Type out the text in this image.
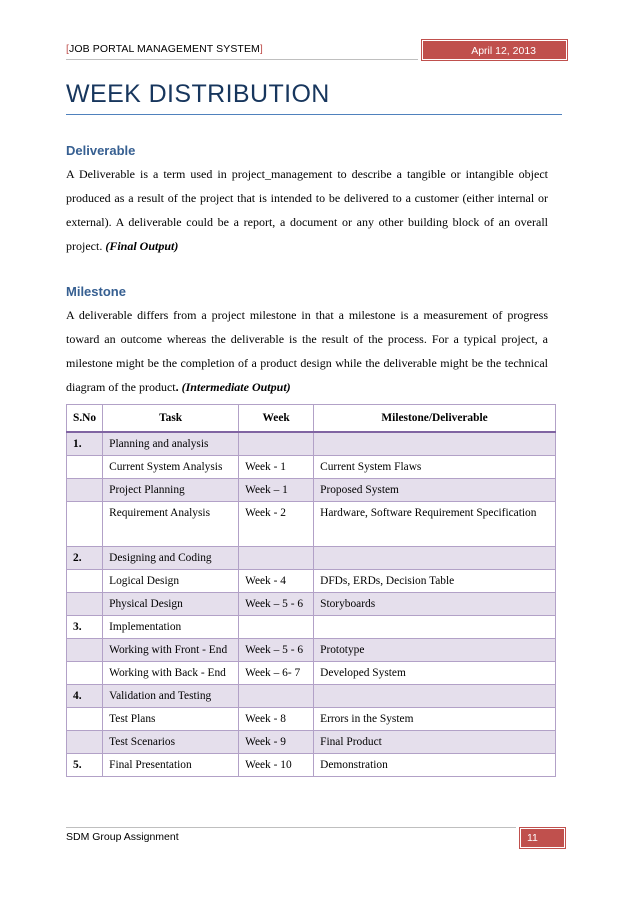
[JOB PORTAL MANAGEMENT SYSTEM]	April 12, 2013
WEEK DISTRIBUTION
Deliverable
A Deliverable is a term used in project_management to describe a tangible or intangible object produced as a result of the project that is intended to be delivered to a customer (either internal or external). A deliverable could be a report, a document or any other building block of an overall project. (Final Output)
Milestone
A deliverable differs from a project milestone in that a milestone is a measurement of progress toward an outcome whereas the deliverable is the result of the process. For a typical project, a milestone might be the completion of a product design while the deliverable might be the technical diagram of the product. (Intermediate Output)
S.No	Task	Week	Milestone/Deliverable
1.	Planning and analysis		
	Current System Analysis	Week - 1	Current System Flaws
	Project Planning	Week – 1	Proposed System
	Requirement Analysis	Week - 2	Hardware, Software Requirement Specification
2.	Designing and Coding		
	Logical Design	Week - 4	DFDs, ERDs, Decision Table
	Physical Design	Week – 5 - 6	Storyboards
3.	Implementation		
	Working with Front - End	Week – 5 - 6	Prototype
	Working with Back - End	Week – 6- 7	Developed System
4.	Validation and Testing		
	Test Plans	Week - 8	Errors in the System
	Test Scenarios	Week - 9	Final Product
5.	Final Presentation	Week - 10	Demonstration
SDM Group Assignment	11
